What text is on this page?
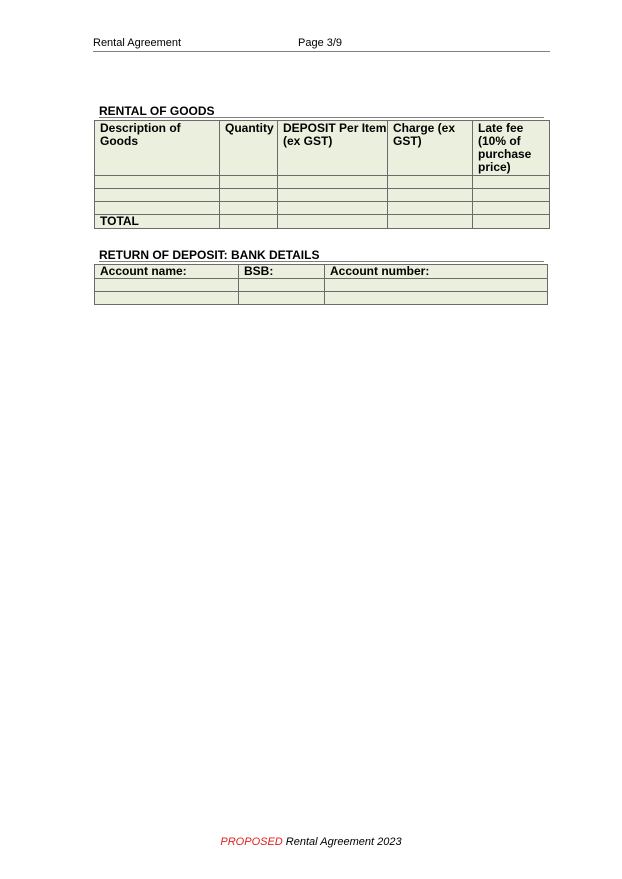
Rental Agreement	Page 3/9
RENTAL OF GOODS
Description of Goods	Quantity	DEPOSIT Per Item (ex GST)	Charge (ex GST)	Late fee (10% of purchase price)

TOTAL				
RETURN OF DEPOSIT: BANK DETAILS
Account name:	BSB:	Account number:

PROPOSED Rental Agreement 2023
